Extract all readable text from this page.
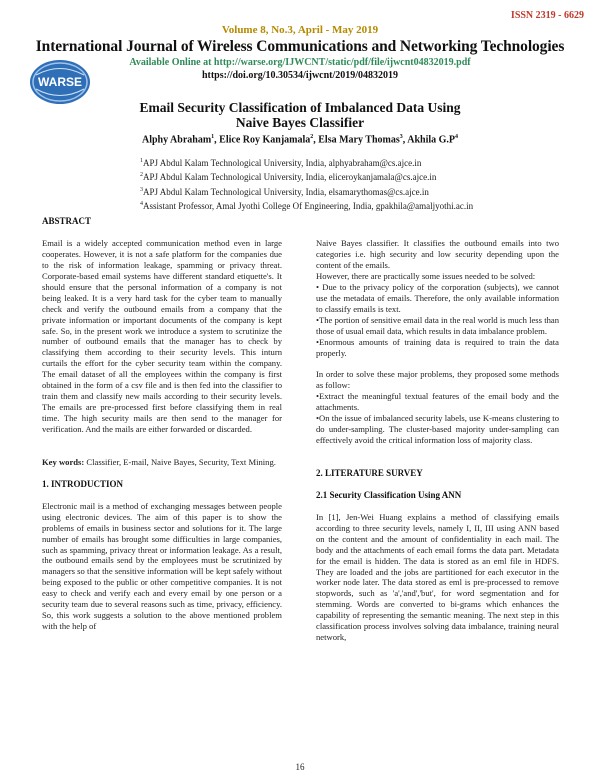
ISSN 2319 - 6629
Volume 8, No.3, April - May 2019
International Journal of Wireless Communications and Networking Technologies
Available Online at http://warse.org/IJWCNT/static/pdf/file/ijwcnt04832019.pdf
https://doi.org/10.30534/ijwcnt/2019/04832019
WARSE
Email Security Classification of Imbalanced Data Using
Naive Bayes Classifier
Alphy Abraham$^1$, Elice Roy Kanjamala$^2$, Elsa Mary Thomas$^3$, Akhila $G.P^4$
$^1$APJ Abdul Kalam Technological University, India, alphyabraham@cs.ajce.in
$^2$APJ Abdul Kalam Technological University, India, eliceroykanjamala@cs.ajce.in
$^3$APJ Abdul Kalam Technological University, India, elsamarythomas@cs.ajce.in
$^4$Assistant Professor, Amal Jyothi College Of Engineering, India, gpakhila@amaljyothi.ac.in

ABSTRACT

Email is a widely accepted communication method even in large cooperates. However, it is not a safe platform for the companies due to the risk of information leakage, spamming or privacy threat. Corporate-based email systems have different standard etiquette's. It should ensure that the personal information of a company is not being leaked. It is a very hard task for the cyber team to manually check and verify the outbound emails from a company that the private information or important documents of the company is kept safe. So, in the present work we introduce a system to scrutinize the number of outbound emails that the manager has to check by classifying them according to their security levels. This inturn curtails the effort for the cyber security team within the company. The email dataset of all the employees within the company is first obtained in the form of a csv file and is then fed into the classifier to train them and classify new mails according to their security levels. The emails are pre-processed first before classifying them in real time. The high security mails are then send to the manager for verification. And the mails are either forwarded or discarded.

Key words: Classifier, E-mail, Naive Bayes, Security, Text Mining.

1. INTRODUCTION

Electronic mail is a method of exchanging messages between people using electronic devices. The aim of this paper is to show the problems of emails in business sector and solutions for it. The large number of emails has brought some difficulties in large companies, such as spamming, privacy threat or information leakage. As a result, the outbound emails send by the employees must be scrutinized by managers so that the sensitive information will be kept safely without being exposed to the public or other competitive companies. It is not easy to check and verify each and every email by one person or a security team due to several reasons such as time, privacy, efficiency. So, this work suggests a solution to the above mentioned problem with the help of

Naive Bayes classifier. It classifies the outbound emails into two categories i.e. high security and low security depending upon the content of the emails.

However, there are practically some issues needed to be solved:

• Due to the privacy policy of the corporation (subjects), we cannot use the metadata of emails. Therefore, the only available information to classify emails is text.

•The portion of sensitive email data in the real world is much less than those of usual email data, which results in data imbalance problem.

•Enormous amounts of training data is required to train the data properly.

In order to solve these major problems, they proposed some methods as follow:

•Extract the meaningful textual features of the email body and the attachments.

•On the issue of imbalanced security labels, use K-means clustering to do under-sampling. The cluster-based majority under-sampling can effectively avoid the critical information loss of majority class.

2. LITERATURE SURVEY

2.1 Security Classification Using ANN

In [1], Jen-Wei Huang explains a method of classifying emails according to three security levels, namely I, II, III using ANN based on the content and the amount of confidentiality in each mail. The body and the attachments of each email forms the data part. Metadata for the email is hidden. The data is stored as an eml file in HDFS. They are loaded and the jobs are partitioned for each executor in the worker node later. The data stored as eml is pre-processed to remove stopwords, such as 'a','and','but', for word segmentation and for stemming. Words are converted to bi-grams which enhances the capability of representing the semantic meaning. The next step in this classification process involves solving data imbalance, training neural network,

16
